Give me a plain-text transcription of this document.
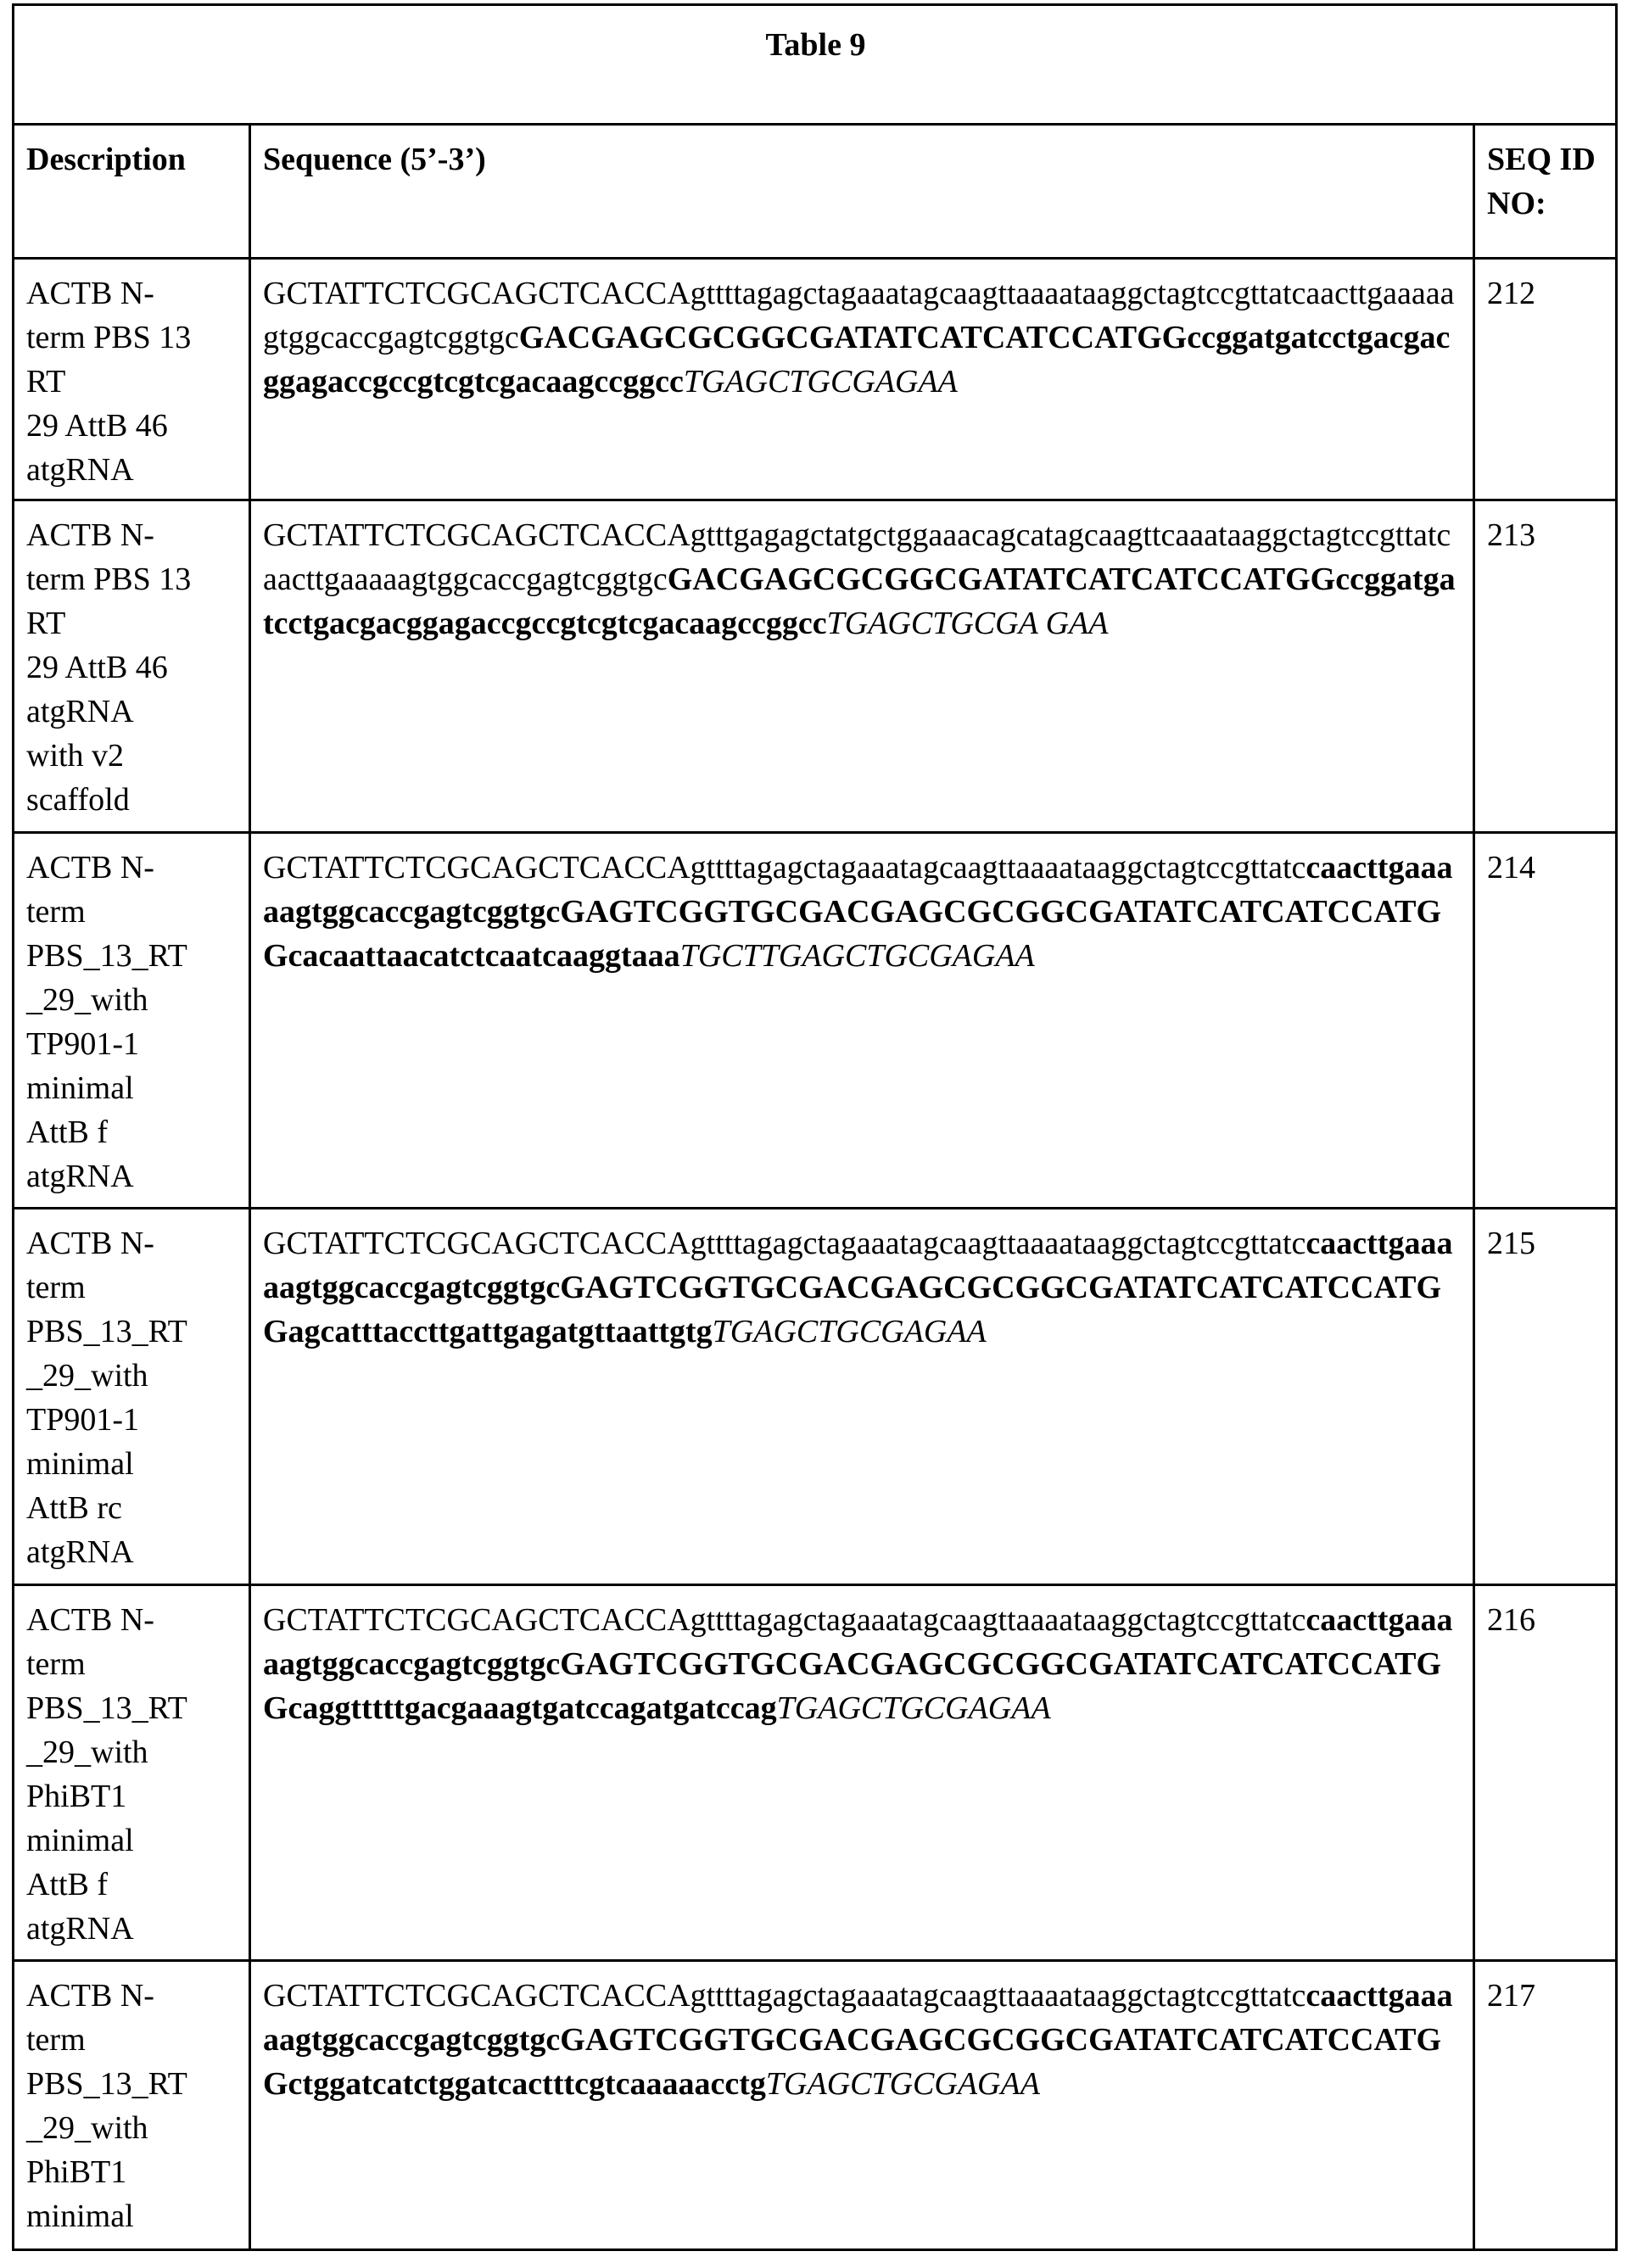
Table 9
Description	Sequence (5’-3’)	SEQ ID NO:
ACTB N-
term PBS 13
RT
29 AttB 46
atgRNA	GCTATTCTCGCAGCTCACCAgttttagagctagaaatagcaagttaaaataaggctagtccgttatcaacttgaaaaagtggcaccgagtcggtgcGACGAGCGCGGCGATATCATCATCCATGGccggatgatcctgacgacggagaccgccgtcgtcgacaagccggccTGAGCTGCGAGAA	212
ACTB N-
term PBS 13
RT
29 AttB 46
atgRNA
with v2
scaffold	GCTATTCTCGCAGCTCACCAgtttgagagctatgctggaaacagcatagcaagttcaaataaggctagtccgttatcaacttgaaaaagtggcaccgagtcggtgcGACGAGCGCGGCGATATCATCATCCATGGccggatgatcctgacgacggagaccgccgtcgtcgacaagccggccTGAGCTGCGA GAA	213
ACTB N-
term
PBS_13_RT
_29_with
TP901-1
minimal
AttB f
atgRNA	GCTATTCTCGCAGCTCACCAgttttagagctagaaatagcaagttaaaataaggctagtccgttatccaacttgaaaaagtggcaccgagtcggtgcGAGTCGGTGCGACGAGCGCGGCGATATCATCATCCATGGcacaattaacatctcaatcaaggtaaaTGCTTGAGCTGCGAGAA	214
ACTB N-
term
PBS_13_RT
_29_with
TP901-1
minimal
AttB rc
atgRNA	GCTATTCTCGCAGCTCACCAgttttagagctagaaatagcaagttaaaataaggctagtccgttatccaacttgaaaaagtggcaccgagtcggtgcGAGTCGGTGCGACGAGCGCGGCGATATCATCATCCATGGagcatttaccttgattgagatgttaattgtgTGAGCTGCGAGAA	215
ACTB N-
term
PBS_13_RT
_29_with
PhiBT1
minimal
AttB f
atgRNA	GCTATTCTCGCAGCTCACCAgttttagagctagaaatagcaagttaaaataaggctagtccgttatccaacttgaaaaagtggcaccgagtcggtgcGAGTCGGTGCGACGAGCGCGGCGATATCATCATCCATGGcaggtttttgacgaaagtgatccagatgatccagTGAGCTGCGAGAA	216
ACTB N-
term
PBS_13_RT
_29_with
PhiBT1
minimal	GCTATTCTCGCAGCTCACCAgttttagagctagaaatagcaagttaaaataaggctagtccgttatccaacttgaaaaagtggcaccgagtcggtgcGAGTCGGTGCGACGAGCGCGGCGATATCATCATCCATGGctggatcatctggatcactttcgtcaaaaacctgTGAGCTGCGAGAA	217
